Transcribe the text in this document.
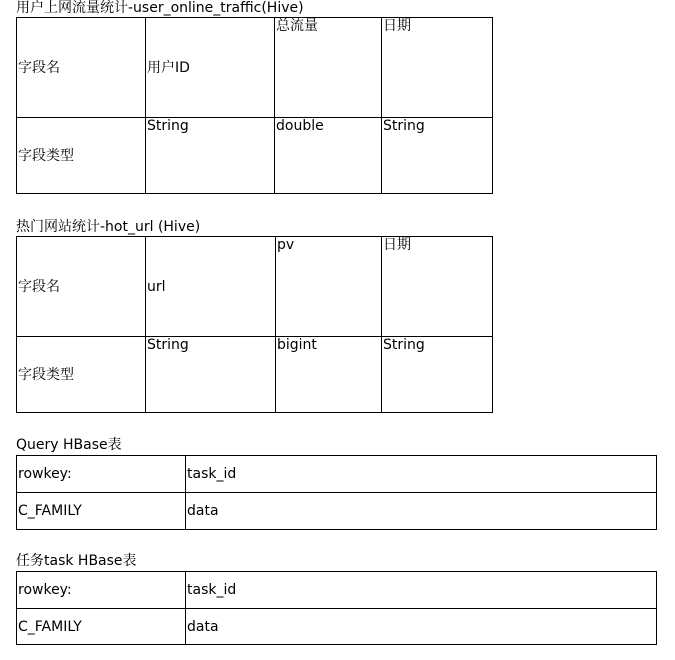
用户上网流量统计-user_online_traffic(Hive)
字段名	用户ID	总流量	日期
字段类型	String	double	String
热门网站统计-hot_url (Hive)
字段名	url	pv	日期
字段类型	String	bigint	String
Query HBase表
rowkey:	task_id
C_FAMILY	data
任务task HBase表
rowkey:	task_id
C_FAMILY	data
